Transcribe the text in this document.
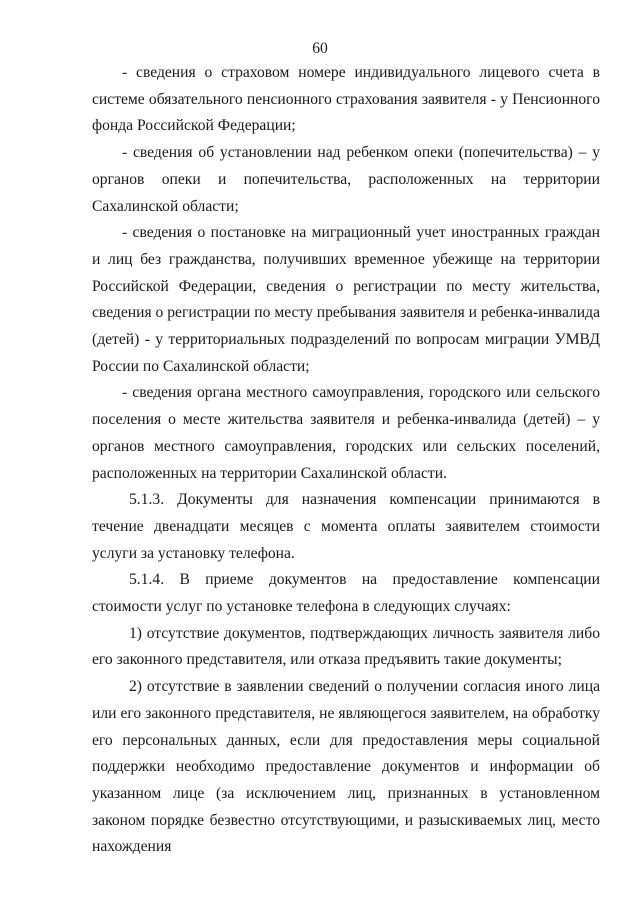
60

- сведения о страховом номере индивидуального лицевого счета в системе обязательного пенсионного страхования заявителя - у Пенсионного фонда Российской Федерации;

- сведения об установлении над ребенком опеки (попечительства) – у органов опеки и попечительства, расположенных на территории Сахалинской области;

- сведения о постановке на миграционный учет иностранных граждан и лиц без гражданства, получивших временное убежище на территории Российской Федерации, сведения о регистрации по месту жительства, сведения о регистрации по месту пребывания заявителя и ребенка-инвалида (детей) - у территориальных подразделений по вопросам миграции УМВД России по Сахалинской области;

- сведения органа местного самоуправления, городского или сельского поселения о месте жительства заявителя и ребенка-инвалида (детей) – у органов местного самоуправления, городских или сельских поселений, расположенных на территории Сахалинской области.

5.1.3. Документы для назначения компенсации принимаются в течение двенадцати месяцев с момента оплаты заявителем стоимости услуги за установку телефона.

5.1.4. В приеме документов на предоставление компенсации стоимости услуг по установке телефона в следующих случаях:

1) отсутствие документов, подтверждающих личность заявителя либо его законного представителя, или отказа предъявить такие документы;

2) отсутствие в заявлении сведений о получении согласия иного лица или его законного представителя, не являющегося заявителем, на обработку его персональных данных, если для предоставления меры социальной поддержки необходимо предоставление документов и информации об указанном лице (за исключением лиц, признанных в установленном законом порядке безвестно отсутствующими, и разыскиваемых лиц, место нахождения
